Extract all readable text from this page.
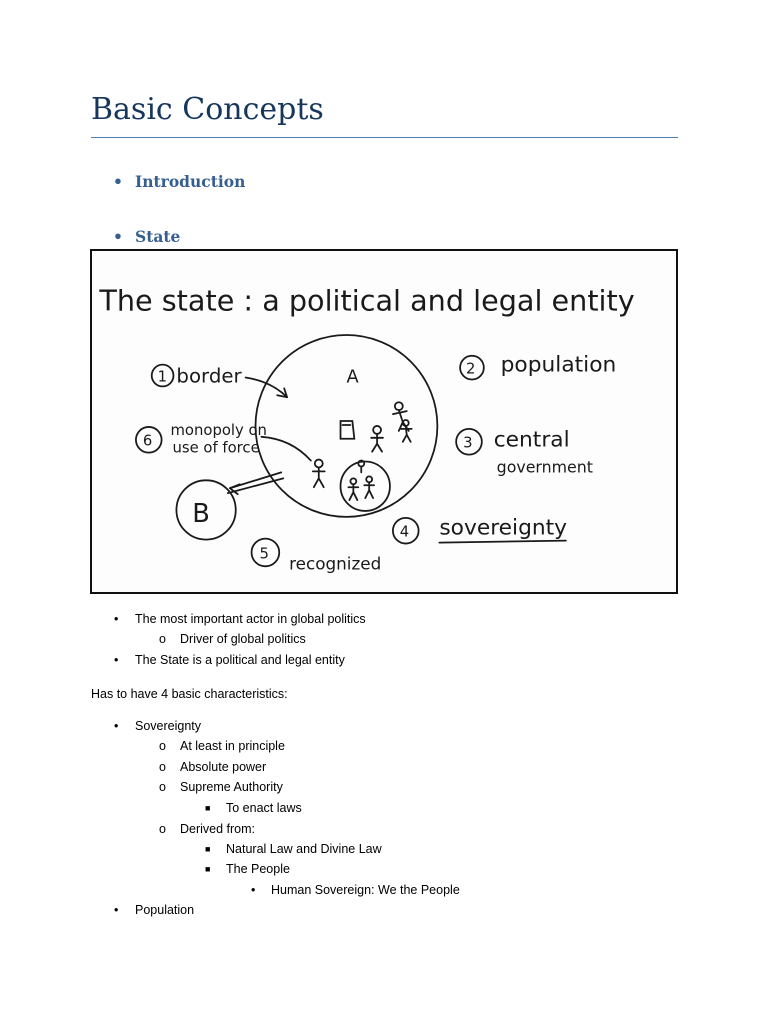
Basic Concepts
• Introduction
• State
The state : a political and legal entity
A
B
1 border	2 population
3 central
government
4 sovereignty
5 recognized
6
monopoly on
use of force
• The most important actor in global politics
o Driver of global politics
• The State is a political and legal entity
Has to have 4 basic characteristics:
• Sovereignty
o At least in principle
o Absolute power
o Supreme Authority
■ To enact laws
o Derived from:
■ Natural Law and Divine Law
■ The People
• Human Sovereign: We the People
• Population
